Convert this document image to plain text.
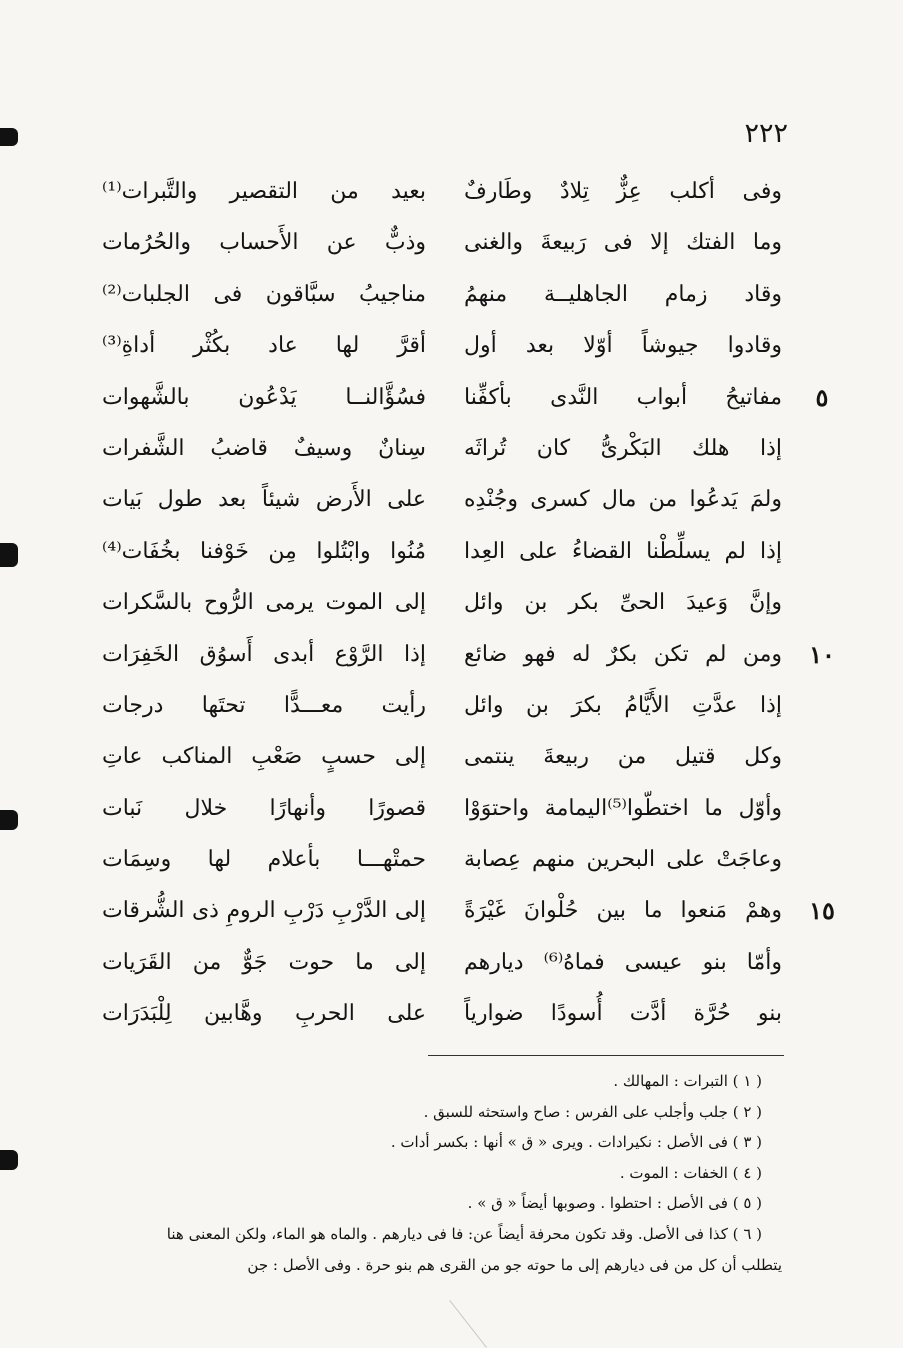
٢٢٢
وفى أكلب عِزٌّ تِلادٌ وطَارفٌ
بعيد من التقصير والتَّبرات⁽¹⁾
وما الفتك إلا فى رَبيعةَ والغنى
وذبٌّ عن الأَحساب والحُرُمات
وقاد زمام الجاهليــة منهمُ
مناجيبُ سبَّاقون فى الجلبات⁽²⁾
وقادوا جيوشاً أوّلا بعد أول
أقرَّ لها عاد بكُثْر أداةِ⁽³⁾
٥
مفاتيحُ أبواب النَّدى بأكفِّنا
فسُؤَّالنــا يَدْعُون بالشَّهوات
إذا هلك البَكْرىُّ كان تُراثَه
سِنانٌ وسيفٌ قاضبُ الشَّفرات
ولمَ يَدعُوا من مال كسرى وجُنْدِه
على الأَرض شيئاً بعد طول بَيات
إذا لم يسلِّطْنا القضاءُ على العِدا
مُنُوا وابْتُلوا مِن خَوْفنا بخُفَات⁽⁴⁾
وإنَّ وَعيدَ الحىِّ بكر بن وائل
إلى الموت يرمى الرُّوح بالسَّكرات
١٠
ومن لم تكن بكرٌ له فهو ضائع
إذا الرَّوْع أبدى أَسوُق الخَفِرَات
إذا عدَّتِ الأَيَّامُ بكرَ بن وائل
رأيت معـــدًّا تحتَها درجات
وكل قتيل من ربيعةَ ينتمى
إلى حسبٍ صَعْبِ المناكب عاتِ
وأوّل ما اختطّوا⁽⁵⁾اليمامة واحتوَوْا
قصورًا وأنهارًا خلال نَبات
وعاجَتْ على البحرين منهم عِصابة
حمتْهـــا بأعلام لها وسِمَات
١٥
وهمْ مَنعوا ما بين حُلْوانَ غَيْرَةً
إلى الدَّرْبِ دَرْبِ الرومِ ذى الشُّرقات
وأمّا بنو عيسى فماهُ⁽⁶⁾ ديارهم
إلى ما حوت جَوٌّ من القَرَيات
بنو حُرَّة أدَّت أُسودًا ضوارياً
على الحربِ وهَّابين لِلْبَدَرَات
( ١ ) التبرات : المهالك .
( ٢ ) جلب وأجلب على الفرس : صاح واستحثه للسبق .
( ٣ ) فى الأصل : نكيرادات . ويرى « ق » أنها : بكسر أدات .
( ٤ ) الخفات : الموت .
( ٥ ) فى الأصل : احتطوا . وصوبها أيضاً « ق » .
( ٦ ) كذا فى الأصل. وقد تكون محرفة أيضاً عن: فا فى ديارهم . والماه هو الماء، ولكن المعنى هنا
يتطلب أن كل من فى ديارهم إلى ما حوته جو من القرى هم بنو حرة . وفى الأصل : جن
